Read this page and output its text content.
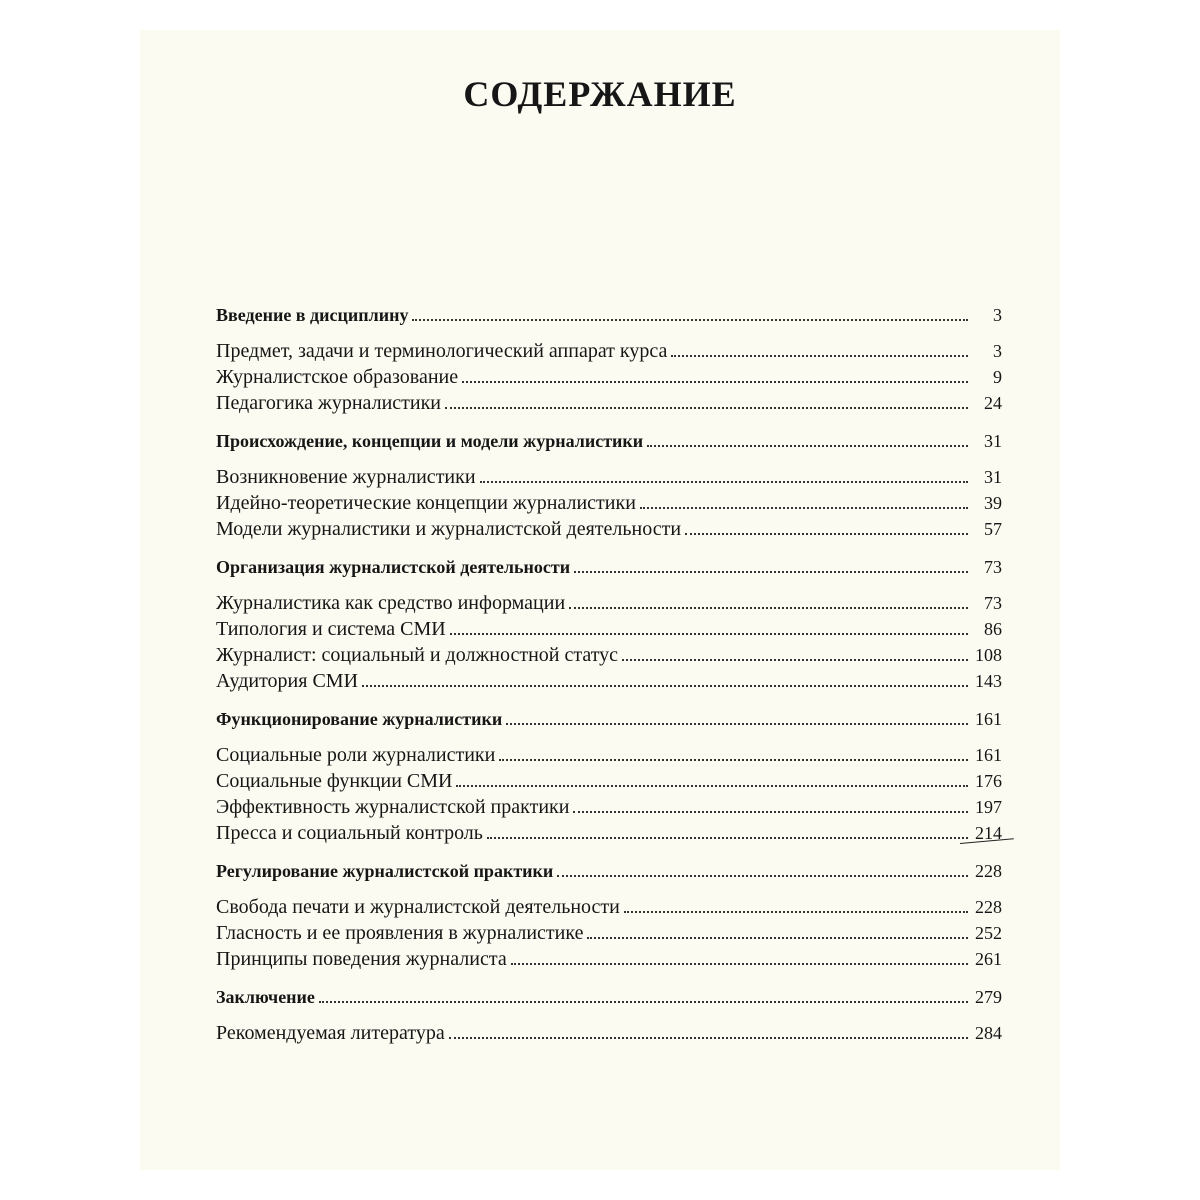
СОДЕРЖАНИЕ
Введение в дисциплину	3
Предмет, задачи и терминологический аппарат курса	3
Журналистское образование	9
Педагогика журналистики	24
Происхождение, концепции и модели журналистики	31
Возникновение журналистики	31
Идейно-теоретические концепции журналистики	39
Модели журналистики и журналистской деятельности	57
Организация журналистской деятельности	73
Журналистика как средство информации	73
Типология и система СМИ	86
Журналист: социальный и должностной статус	108
Аудитория СМИ	143
Функционирование журналистики	161
Социальные роли журналистики	161
Социальные функции СМИ	176
Эффективность журналистской практики	197
Пресса и социальный контроль	214
Регулирование журналистской практики	228
Свобода печати и журналистской деятельности	228
Гласность и ее проявления в журналистике	252
Принципы поведения журналиста	261
Заключение	279
Рекомендуемая литература	284
